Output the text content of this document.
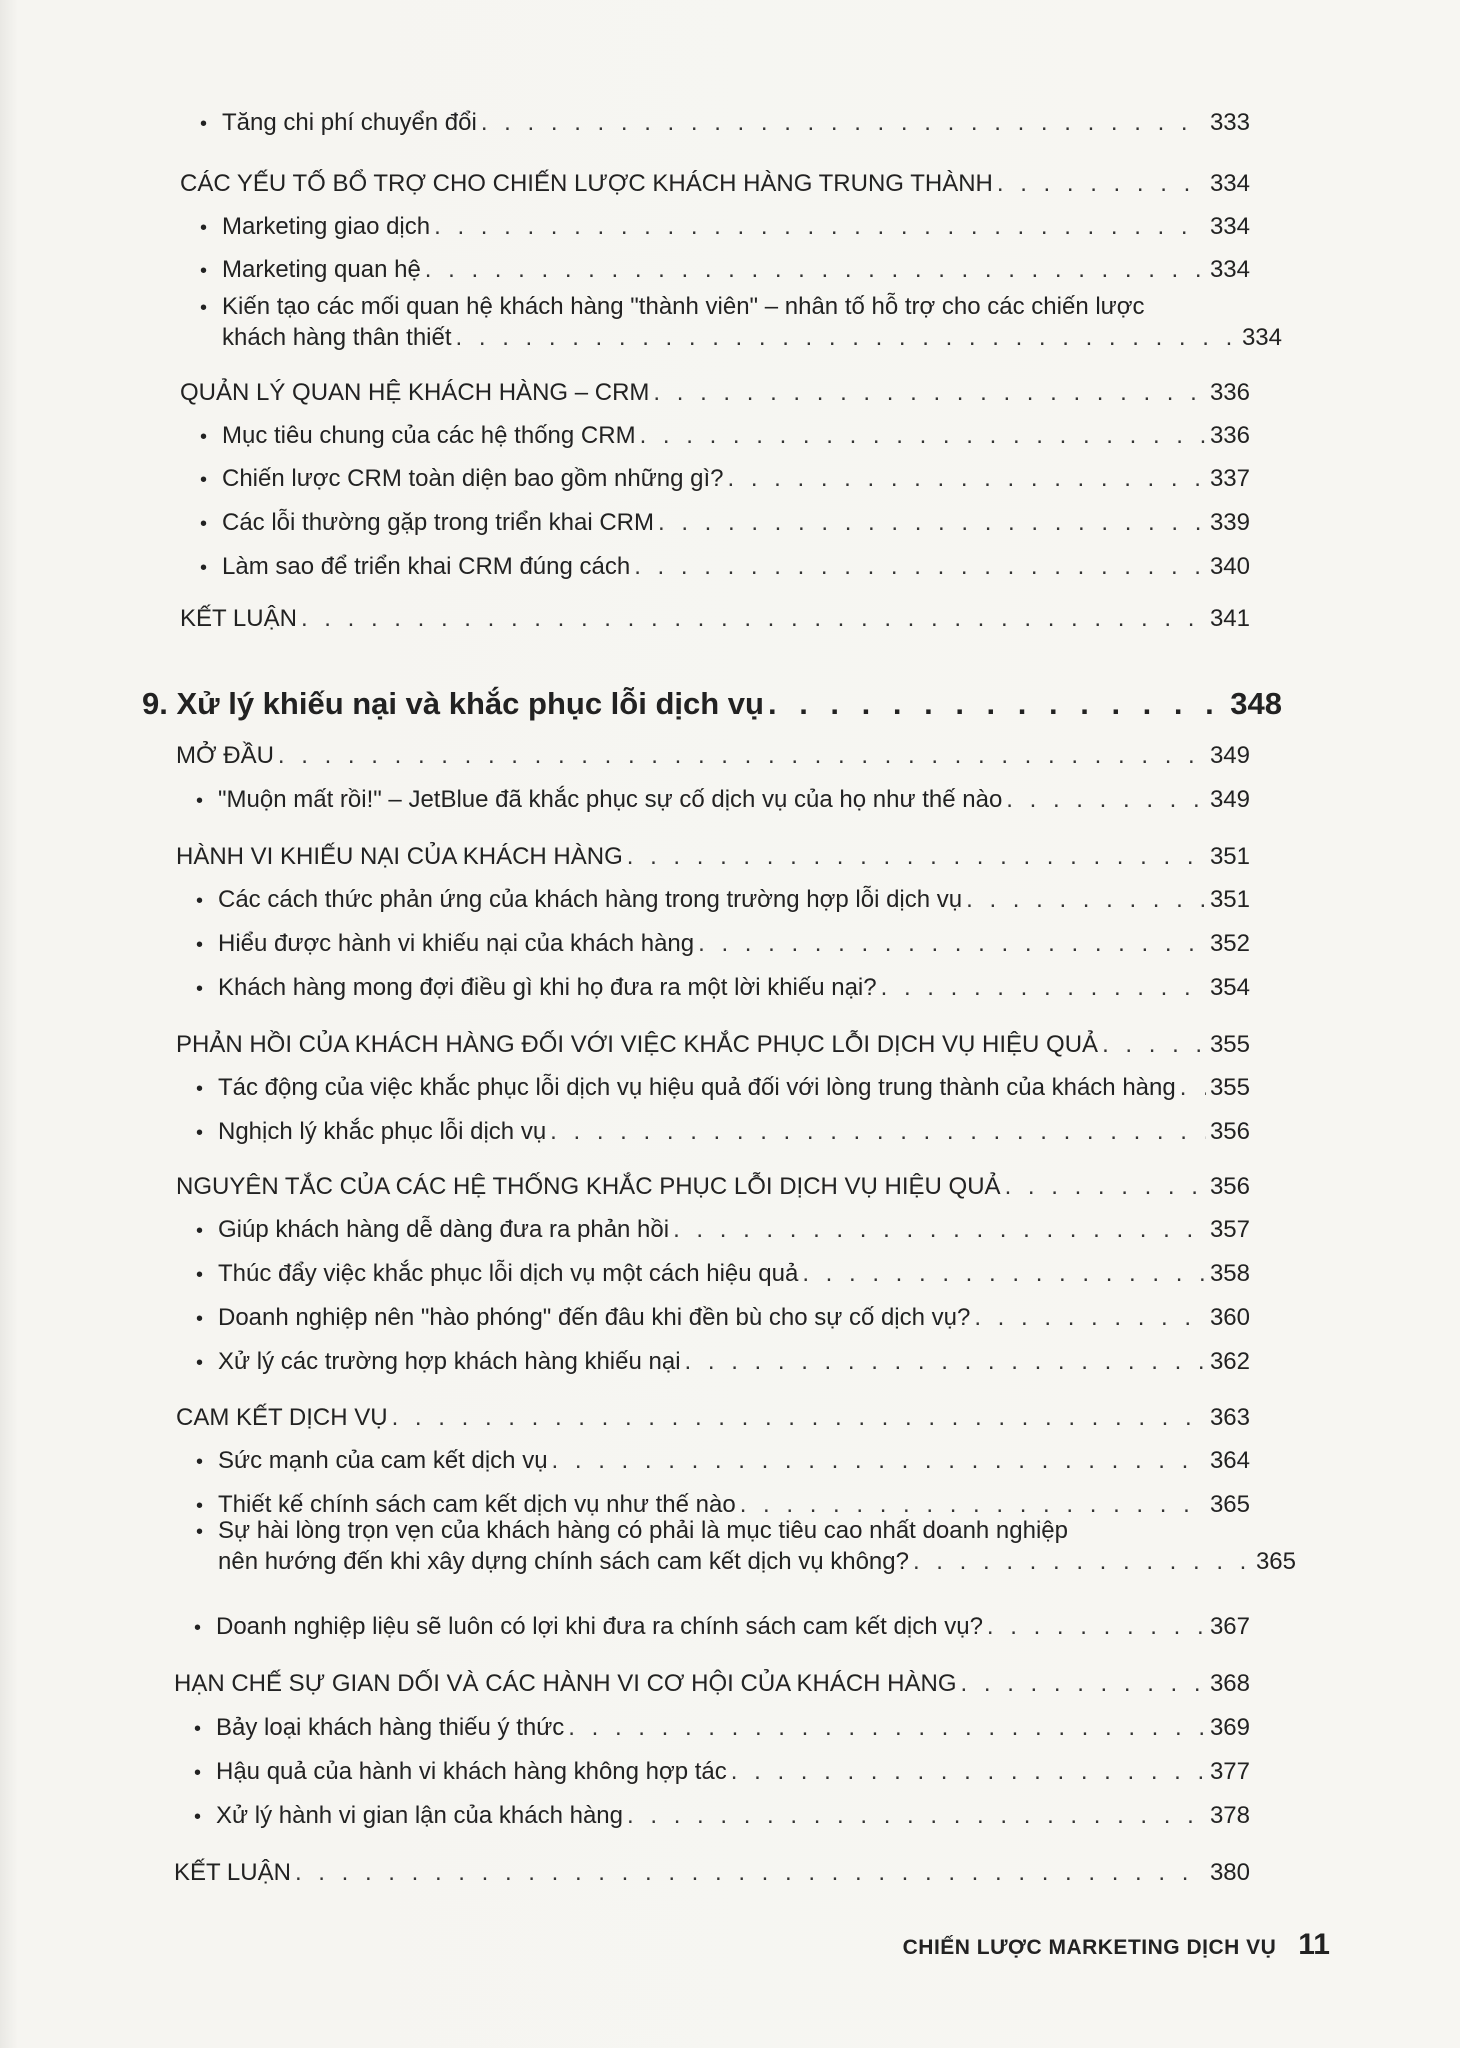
• Kiến tạo các mối quan hệ khách hàng "thành viên" – nhân tố hỗ trợ cho các chiến lược
khách hàng thân thiết . . .	334
9. Xử lý khiếu nại và khắc phục lỗi dịch vụ . . .	348
• Sự hài lòng trọn vẹn của khách hàng có phải là mục tiêu cao nhất doanh nghiệp
nên hướng đến khi xây dựng chính sách cam kết dịch vụ không? . . .	365
• Tăng chi phí chuyển đổi . . .	333
CÁC YẾU TỐ BỔ TRỢ CHO CHIẾN LƯỢC KHÁCH HÀNG TRUNG THÀNH . . .	334
• Marketing giao dịch . . .	334
• Marketing quan hệ . . .	334
QUẢN LÝ QUAN HỆ KHÁCH HÀNG – CRM . . .	336
• Mục tiêu chung của các hệ thống CRM . . .	336
• Chiến lược CRM toàn diện bao gồm những gì? . . .	337
• Các lỗi thường gặp trong triển khai CRM . . .	339
• Làm sao để triển khai CRM đúng cách . . .	340
KẾT LUẬN . . .	341
MỞ ĐẦU . . .	349
• "Muộn mất rồi!" – JetBlue đã khắc phục sự cố dịch vụ của họ như thế nào . . .	349
HÀNH VI KHIẾU NẠI CỦA KHÁCH HÀNG . . .	351
• Các cách thức phản ứng của khách hàng trong trường hợp lỗi dịch vụ . . .	351
• Hiểu được hành vi khiếu nại của khách hàng . . .	352
• Khách hàng mong đợi điều gì khi họ đưa ra một lời khiếu nại? . . .	354
PHẢN HỒI CỦA KHÁCH HÀNG ĐỐI VỚI VIỆC KHẮC PHỤC LỖI DỊCH VỤ HIỆU QUẢ . . .	355
• Tác động của việc khắc phục lỗi dịch vụ hiệu quả đối với lòng trung thành của khách hàng . . . 355
• Nghịch lý khắc phục lỗi dịch vụ . . .	356
NGUYÊN TẮC CỦA CÁC HỆ THỐNG KHẮC PHỤC LỖI DỊCH VỤ HIỆU QUẢ . . .	356
• Giúp khách hàng dễ dàng đưa ra phản hồi . . .	357
• Thúc đẩy việc khắc phục lỗi dịch vụ một cách hiệu quả . . .	358
• Doanh nghiệp nên "hào phóng" đến đâu khi đền bù cho sự cố dịch vụ? . . .	360
• Xử lý các trường hợp khách hàng khiếu nại . . .	362
CAM KẾT DỊCH VỤ . . .	363
• Sức mạnh của cam kết dịch vụ . . .	364
• Thiết kế chính sách cam kết dịch vụ như thế nào . . .	365
• Doanh nghiệp liệu sẽ luôn có lợi khi đưa ra chính sách cam kết dịch vụ? . . .	367
HẠN CHẾ SỰ GIAN DỐI VÀ CÁC HÀNH VI CƠ HỘI CỦA KHÁCH HÀNG . . .	368
• Bảy loại khách hàng thiếu ý thức . . .	369
• Hậu quả của hành vi khách hàng không hợp tác . . .	377
• Xử lý hành vi gian lận của khách hàng . . .	378
KẾT LUẬN . . .	380
CHIẾN LƯỢC MARKETING DỊCH VỤ 11
